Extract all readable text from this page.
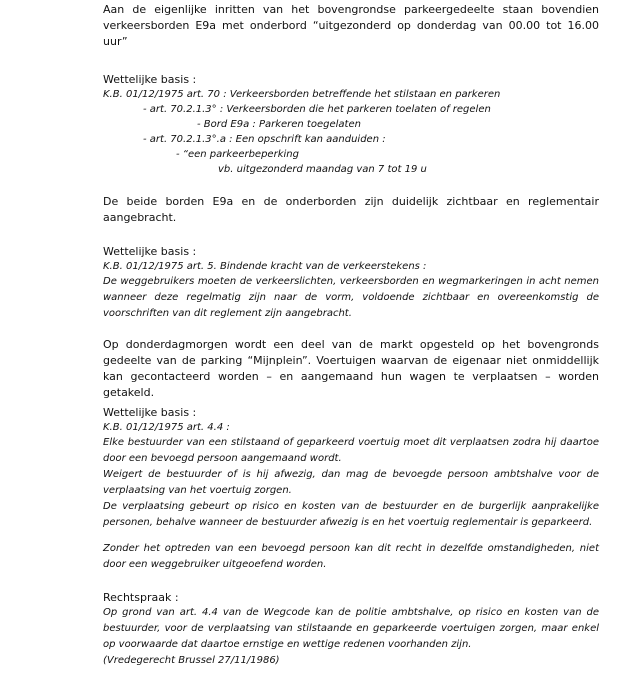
Aan de eigenlijke inritten van het bovengrondse parkeergedeelte staan bovendien verkeersborden E9a met onderbord “uitgezonderd op donderdag van 00.00 tot 16.00 uur”

Wettelijke basis :

K.B. 01/12/1975 art. 70 : Verkeersborden betreffende het stilstaan en parkeren

- art. 70.2.1.3° : Verkeersborden die het parkeren toelaten of regelen

- Bord E9a : Parkeren toegelaten

- art. 70.2.1.3°.a : Een opschrift kan aanduiden :

- “een parkeerbeperking

vb. uitgezonderd maandag van 7 tot 19 u

De beide borden E9a en de onderborden zijn duidelijk zichtbaar en reglementair aangebracht.

Wettelijke basis :

K.B. 01/12/1975 art. 5. Bindende kracht van de verkeerstekens :

De weggebruikers moeten de verkeerslichten, verkeersborden en wegmarkeringen in acht nemen wanneer deze regelmatig zijn naar de vorm, voldoende zichtbaar en overeenkomstig de voorschriften van dit reglement zijn aangebracht.

Op donderdagmorgen wordt een deel van de markt opgesteld op het bovengronds gedeelte van de parking “Mijnplein”. Voertuigen waarvan de eigenaar niet onmiddellijk kan gecontacteerd worden – en aangemaand hun wagen te verplaatsen – worden getakeld.

Wettelijke basis :

K.B. 01/12/1975 art. 4.4 :

Elke bestuurder van een stilstaand of geparkeerd voertuig moet dit verplaatsen zodra hij daartoe door een bevoegd persoon aangemaand wordt.

Weigert de bestuurder of is hij afwezig, dan mag de bevoegde persoon ambtshalve voor de verplaatsing van het voertuig zorgen.

De verplaatsing gebeurt op risico en kosten van de bestuurder en de burgerlijk aanprakelijke personen, behalve wanneer de bestuurder afwezig is en het voertuig reglementair is geparkeerd.

Zonder het optreden van een bevoegd persoon kan dit recht in dezelfde omstandigheden, niet door een weggebruiker uitgeoefend worden.

Rechtspraak :

Op grond van art. 4.4 van de Wegcode kan de politie ambtshalve, op risico en kosten van de bestuurder, voor de verplaatsing van stilstaande en geparkeerde voertuigen zorgen, maar enkel op voorwaarde dat daartoe ernstige en wettige redenen voorhanden zijn.

(Vredegerecht Brussel 27/11/1986)
